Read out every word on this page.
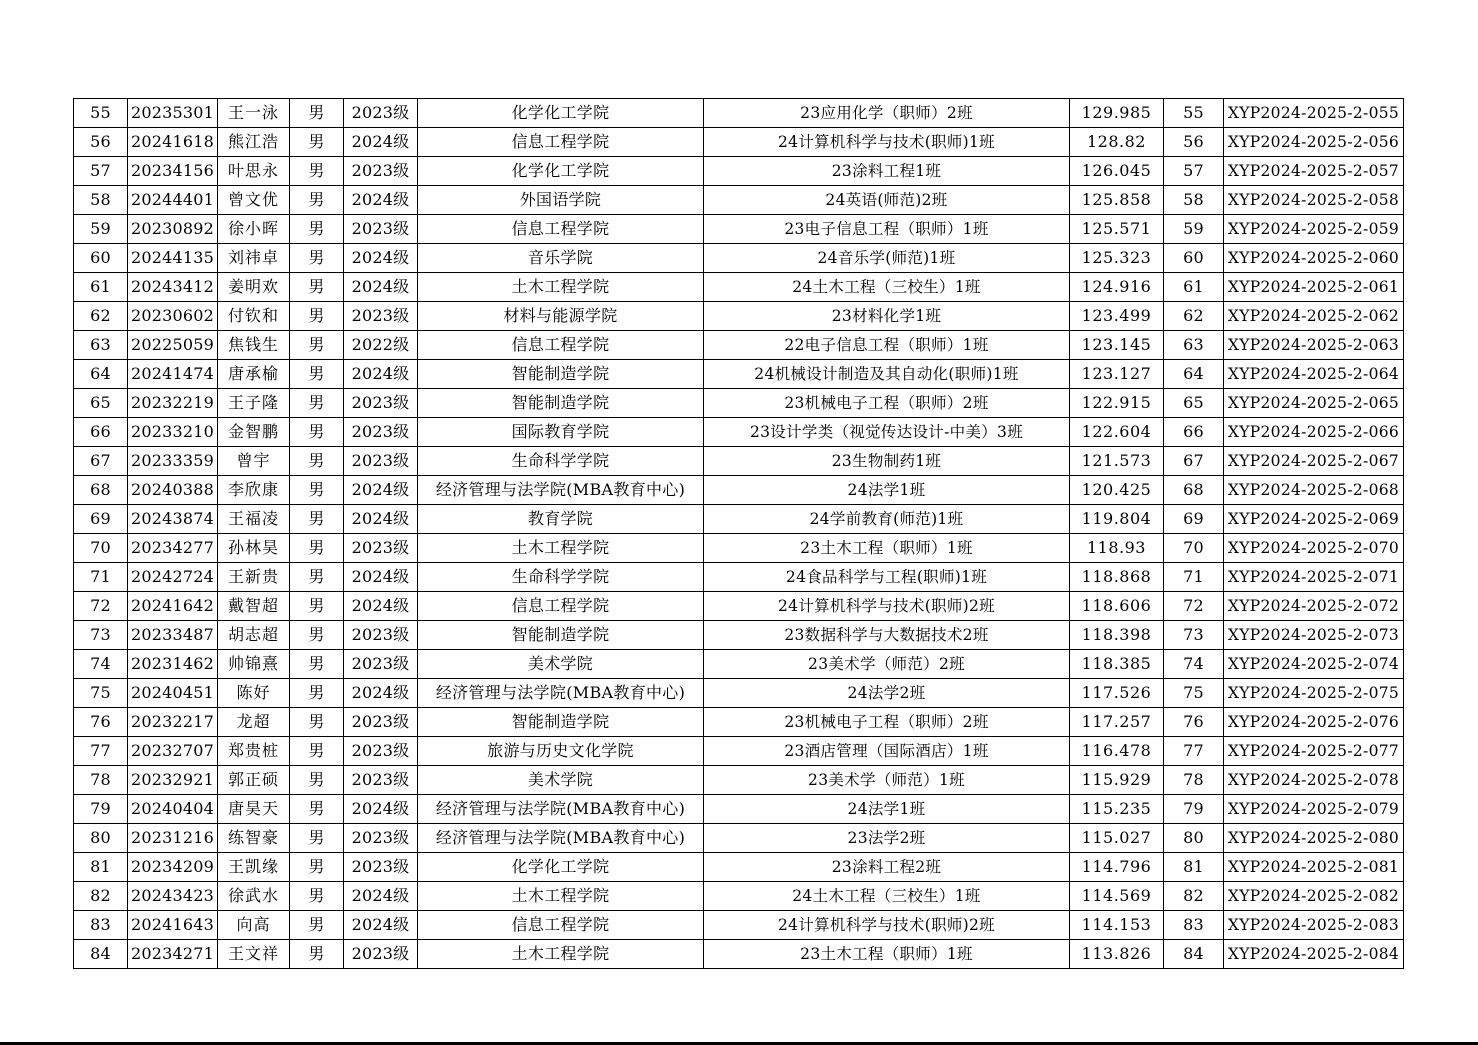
55	20235301	王一泳	男	2023级	化学化工学院	23应用化学（职师）2班	129.985	55	XYP2024-2025-2-055
56	20241618	熊江浩	男	2024级	信息工程学院	24计算机科学与技术(职师)1班	128.82	56	XYP2024-2025-2-056
57	20234156	叶思永	男	2023级	化学化工学院	23涂料工程1班	126.045	57	XYP2024-2025-2-057
58	20244401	曾文优	男	2024级	外国语学院	24英语(师范)2班	125.858	58	XYP2024-2025-2-058
59	20230892	徐小晖	男	2023级	信息工程学院	23电子信息工程（职师）1班	125.571	59	XYP2024-2025-2-059
60	20244135	刘祎卓	男	2024级	音乐学院	24音乐学(师范)1班	125.323	60	XYP2024-2025-2-060
61	20243412	姜明欢	男	2024级	土木工程学院	24土木工程（三校生）1班	124.916	61	XYP2024-2025-2-061
62	20230602	付钦和	男	2023级	材料与能源学院	23材料化学1班	123.499	62	XYP2024-2025-2-062
63	20225059	焦钱生	男	2022级	信息工程学院	22电子信息工程（职师）1班	123.145	63	XYP2024-2025-2-063
64	20241474	唐承榆	男	2024级	智能制造学院	24机械设计制造及其自动化(职师)1班	123.127	64	XYP2024-2025-2-064
65	20232219	王子隆	男	2023级	智能制造学院	23机械电子工程（职师）2班	122.915	65	XYP2024-2025-2-065
66	20233210	金智鹏	男	2023级	国际教育学院	23设计学类（视觉传达设计-中美）3班	122.604	66	XYP2024-2025-2-066
67	20233359	曾宇	男	2023级	生命科学学院	23生物制药1班	121.573	67	XYP2024-2025-2-067
68	20240388	李欣康	男	2024级	经济管理与法学院(MBA教育中心)	24法学1班	120.425	68	XYP2024-2025-2-068
69	20243874	王福凌	男	2024级	教育学院	24学前教育(师范)1班	119.804	69	XYP2024-2025-2-069
70	20234277	孙林昊	男	2023级	土木工程学院	23土木工程（职师）1班	118.93	70	XYP2024-2025-2-070
71	20242724	王新贵	男	2024级	生命科学学院	24食品科学与工程(职师)1班	118.868	71	XYP2024-2025-2-071
72	20241642	戴智超	男	2024级	信息工程学院	24计算机科学与技术(职师)2班	118.606	72	XYP2024-2025-2-072
73	20233487	胡志超	男	2023级	智能制造学院	23数据科学与大数据技术2班	118.398	73	XYP2024-2025-2-073
74	20231462	帅锦熹	男	2023级	美术学院	23美术学（师范）2班	118.385	74	XYP2024-2025-2-074
75	20240451	陈好	男	2024级	经济管理与法学院(MBA教育中心)	24法学2班	117.526	75	XYP2024-2025-2-075
76	20232217	龙超	男	2023级	智能制造学院	23机械电子工程（职师）2班	117.257	76	XYP2024-2025-2-076
77	20232707	郑贵桩	男	2023级	旅游与历史文化学院	23酒店管理（国际酒店）1班	116.478	77	XYP2024-2025-2-077
78	20232921	郭正硕	男	2023级	美术学院	23美术学（师范）1班	115.929	78	XYP2024-2025-2-078
79	20240404	唐昊天	男	2024级	经济管理与法学院(MBA教育中心)	24法学1班	115.235	79	XYP2024-2025-2-079
80	20231216	练智豪	男	2023级	经济管理与法学院(MBA教育中心)	23法学2班	115.027	80	XYP2024-2025-2-080
81	20234209	王凯缘	男	2023级	化学化工学院	23涂料工程2班	114.796	81	XYP2024-2025-2-081
82	20243423	徐武水	男	2024级	土木工程学院	24土木工程（三校生）1班	114.569	82	XYP2024-2025-2-082
83	20241643	向高	男	2024级	信息工程学院	24计算机科学与技术(职师)2班	114.153	83	XYP2024-2025-2-083
84	20234271	王文祥	男	2023级	土木工程学院	23土木工程（职师）1班	113.826	84	XYP2024-2025-2-084
